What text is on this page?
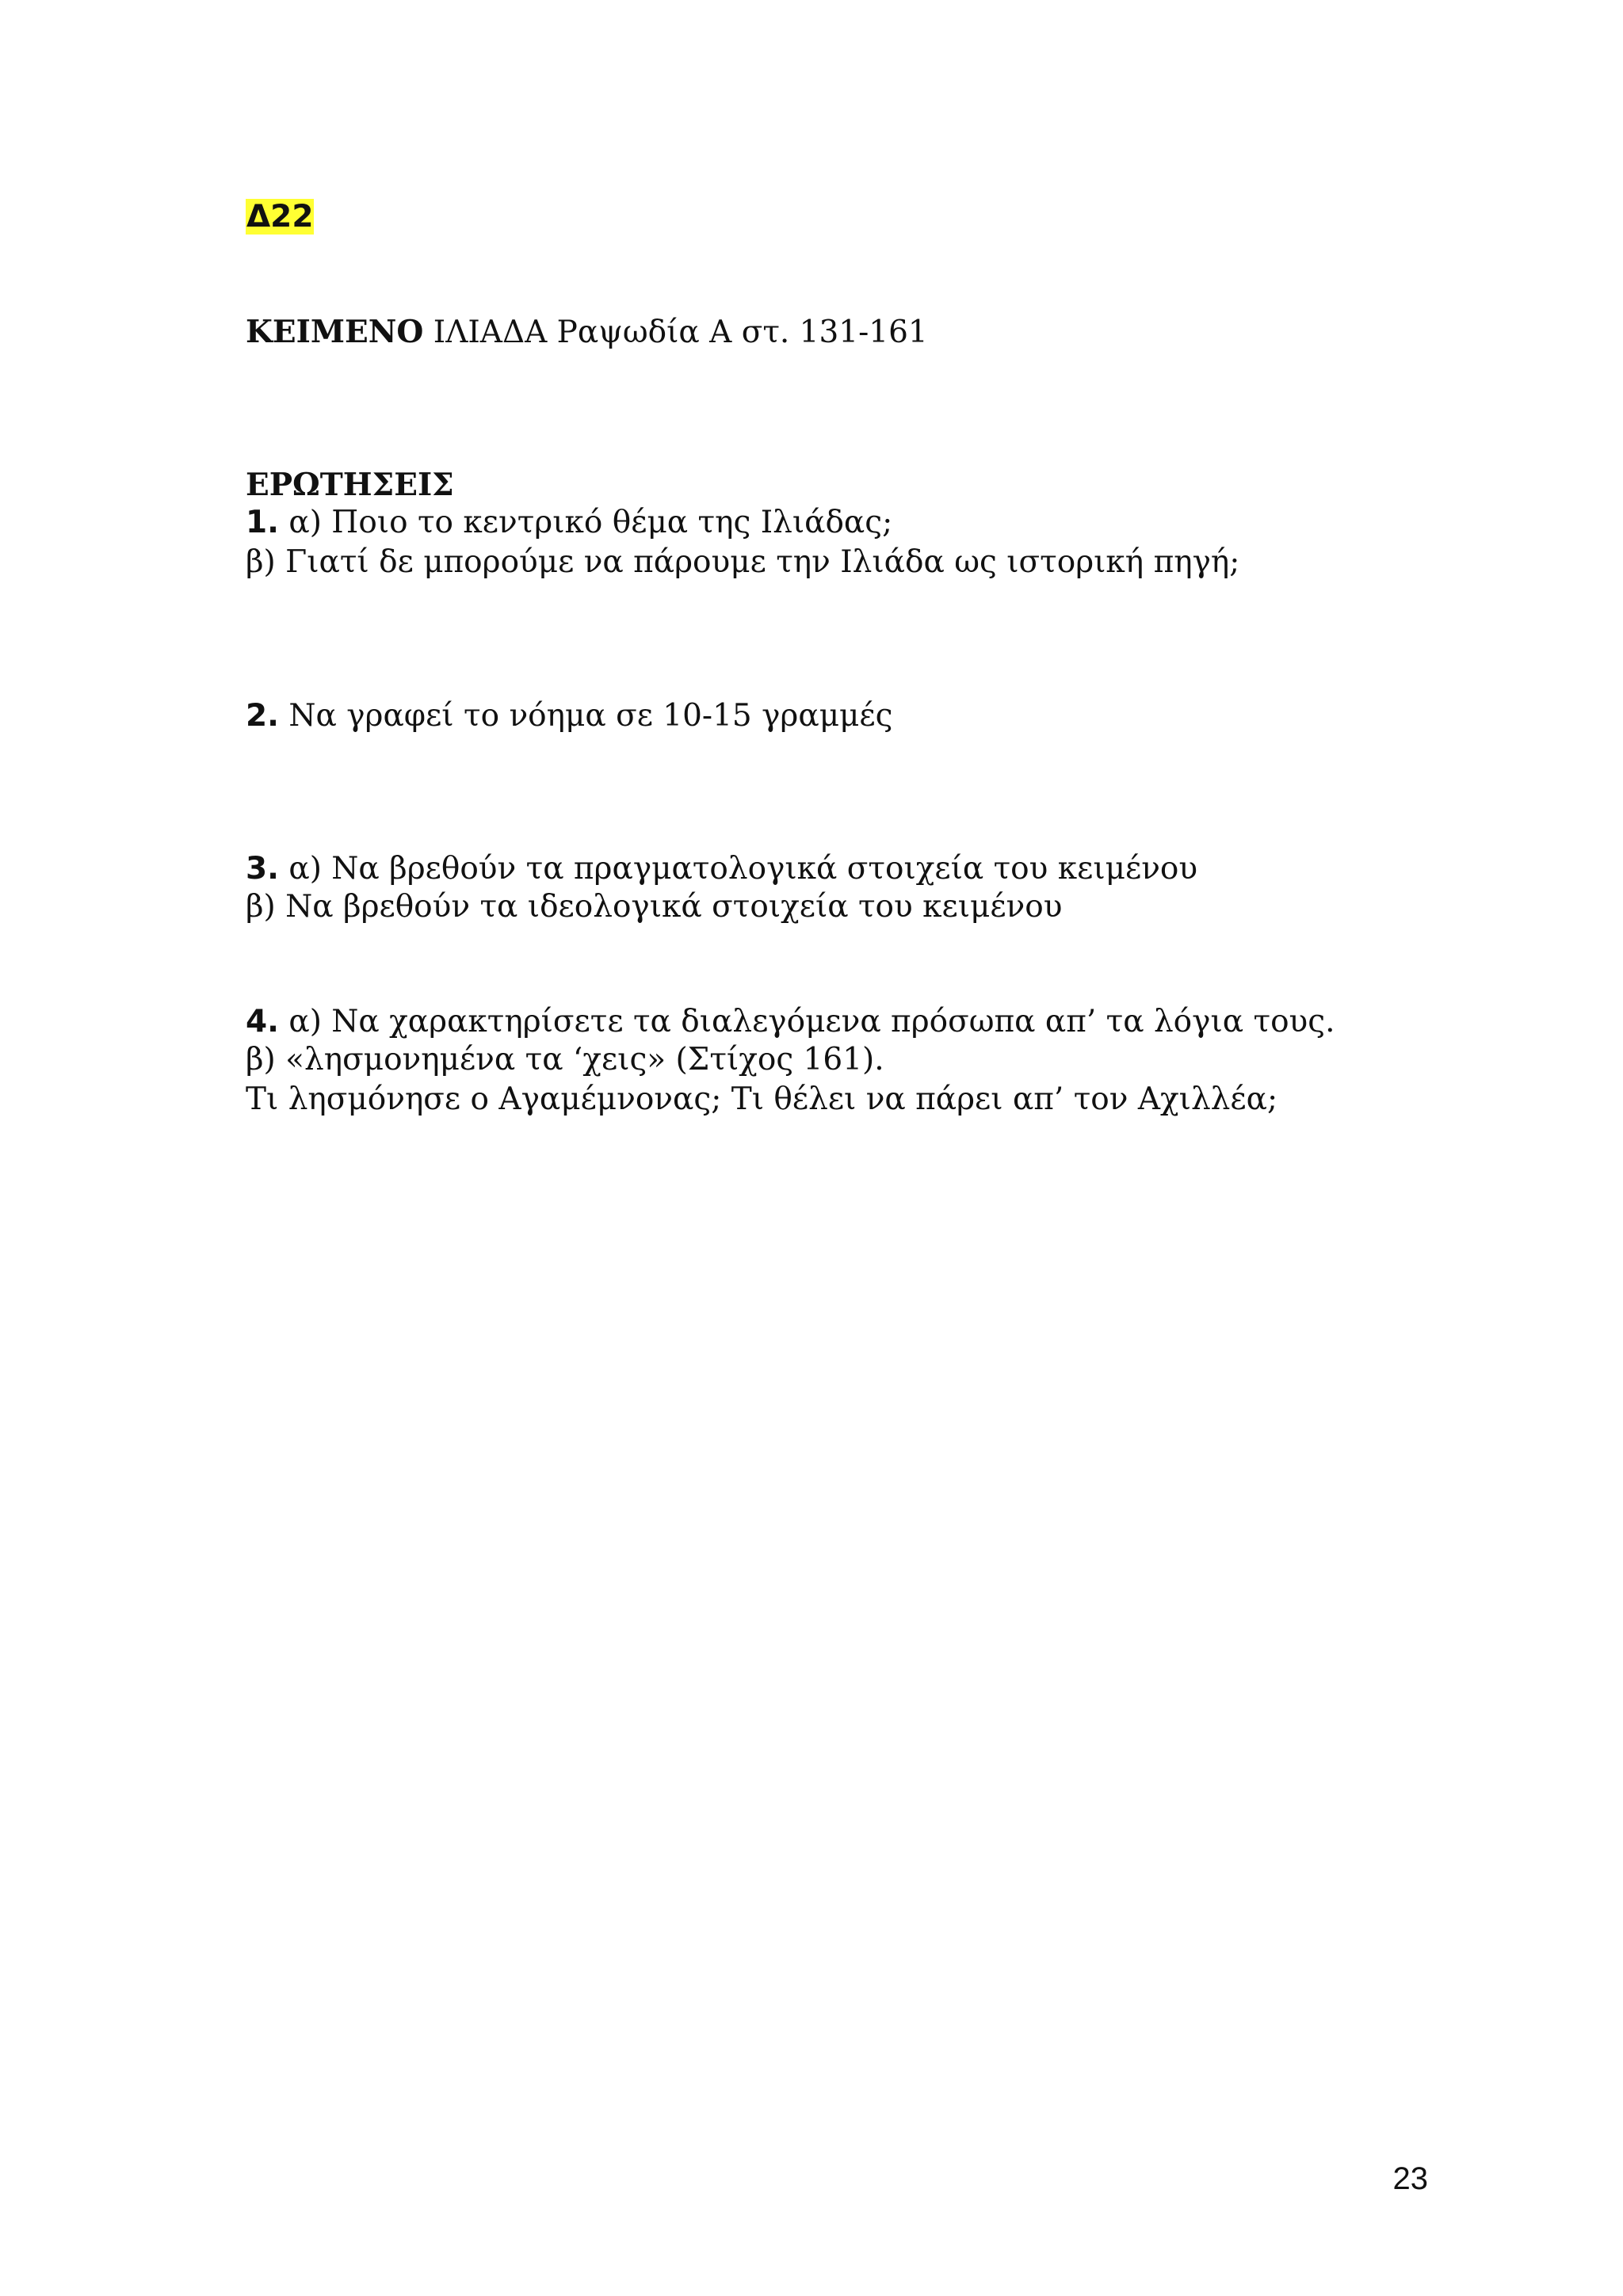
Δ22
ΚΕΙΜΕΝΟ ΙΛΙΑΔΑ Ραψωδία Α στ. 131-161
ΕΡΩΤΗΣΕΙΣ
1. α) Ποιο το κεντρικό θέμα της Ιλιάδας;
β) Γιατί δε μπορούμε να πάρουμε την Ιλιάδα ως ιστορική πηγή;
2. Να γραφεί το νόημα σε 10-15 γραμμές
3. α) Να βρεθούν τα πραγματολογικά στοιχεία του κειμένου
β) Να βρεθούν τα ιδεολογικά στοιχεία του κειμένου
4. α) Να χαρακτηρίσετε τα διαλεγόμενα πρόσωπα απ’ τα λόγια τους.
β) «λησμονημένα τα ‘χεις» (Στίχος 161).
Τι λησμόνησε ο Αγαμέμνονας; Τι θέλει να πάρει απ’ τον Αχιλλέα;
23
